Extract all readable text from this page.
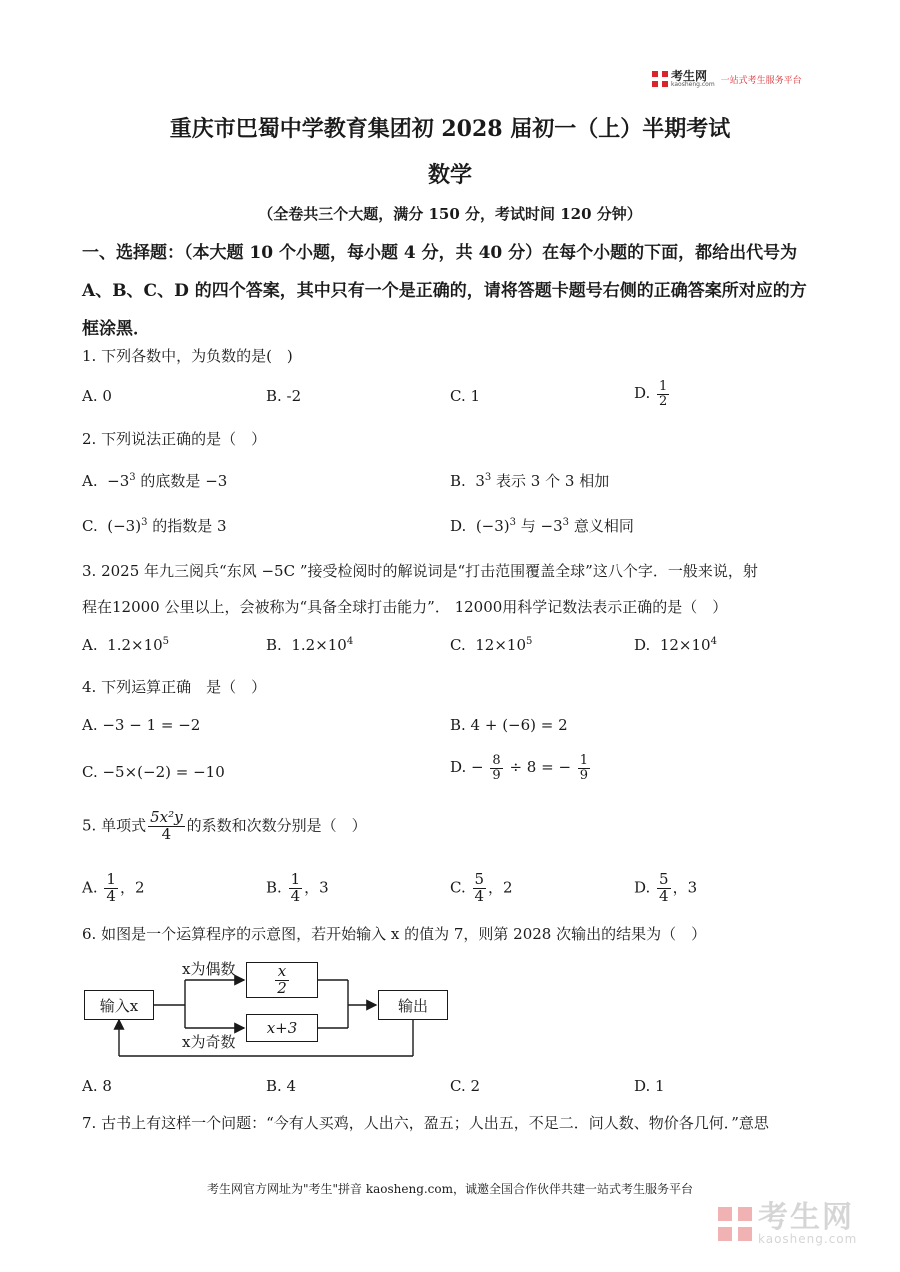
考生网
kaosheng.com 一站式考生服务平台
重庆市巴蜀中学教育集团初 2028 届初一（上）半期考试
数学
（全卷共三个大题，满分 150 分，考试时间 120 分钟）
一、选择题：（本大题 10 个小题，每小题 4 分，共 40 分）在每个小题的下面，都给出代号为 A、B、C、D 的四个答案，其中只有一个是正确的，请将答题卡题号右侧的正确答案所对应的方框涂黑．
1. 下列各数中，为负数的是(　)
A. 0	B. -2	C. 1	D. $\frac{1}{2}$
2. 下列说法正确的是（　）
A. $-3^3$ 的底数是 −3	B. $3^3$ 表示 3 个 3 相加
C. $(-3)^3$ 的指数是 3	D. $(-3)^3$ 与 $-3^3$ 意义相同
3. 2025 年九三阅兵“东风 −5C ”接受检阅时的解说词是“打击范围覆盖全球”这八个字．一般来说，射
程在12000 公里以上，会被称为“具备全球打击能力”． 12000用科学记数法表示正确的是（　）
A. $1.2\times 10^5$	B. $1.2\times 10^4$	C. $12\times 10^5$	D. $12\times 10^4$
4. 下列运算正确　是（　）
A. −3 − 1 = −2	B. 4 + (−6) = 2
C. −5×(−2) = −10	D. − $\frac{8}{9} \div 8$ = − $\frac{1}{9}$
5. 单项式 $\frac{\text{5x²y}}{4}$ 的系数和次数分别是（　）
A. $\frac{1}{4}$ ，2	B. $\frac{1}{4}$ ，3	C. $\frac{5}{4}$ ，2	D. $\frac{5}{4}$ ，3
6. 如图是一个运算程序的示意图，若开始输入 x 的值为 7，则第 2028 次输出的结果为（　）
输入x
$\frac{x}{2}$
x+3
输出
x为偶数
x为奇数
A. 8	B. 4	C. 2	D. 1
7. 古书上有这样一个问题：“今有人买鸡，人出六，盈五；人出五，不足二．问人数、物价各几何．”意思
考生网官方网址为"考生"拼音 kaosheng.com，诚邀全国合作伙伴共建一站式考生服务平台
考生网
kaosheng.com
